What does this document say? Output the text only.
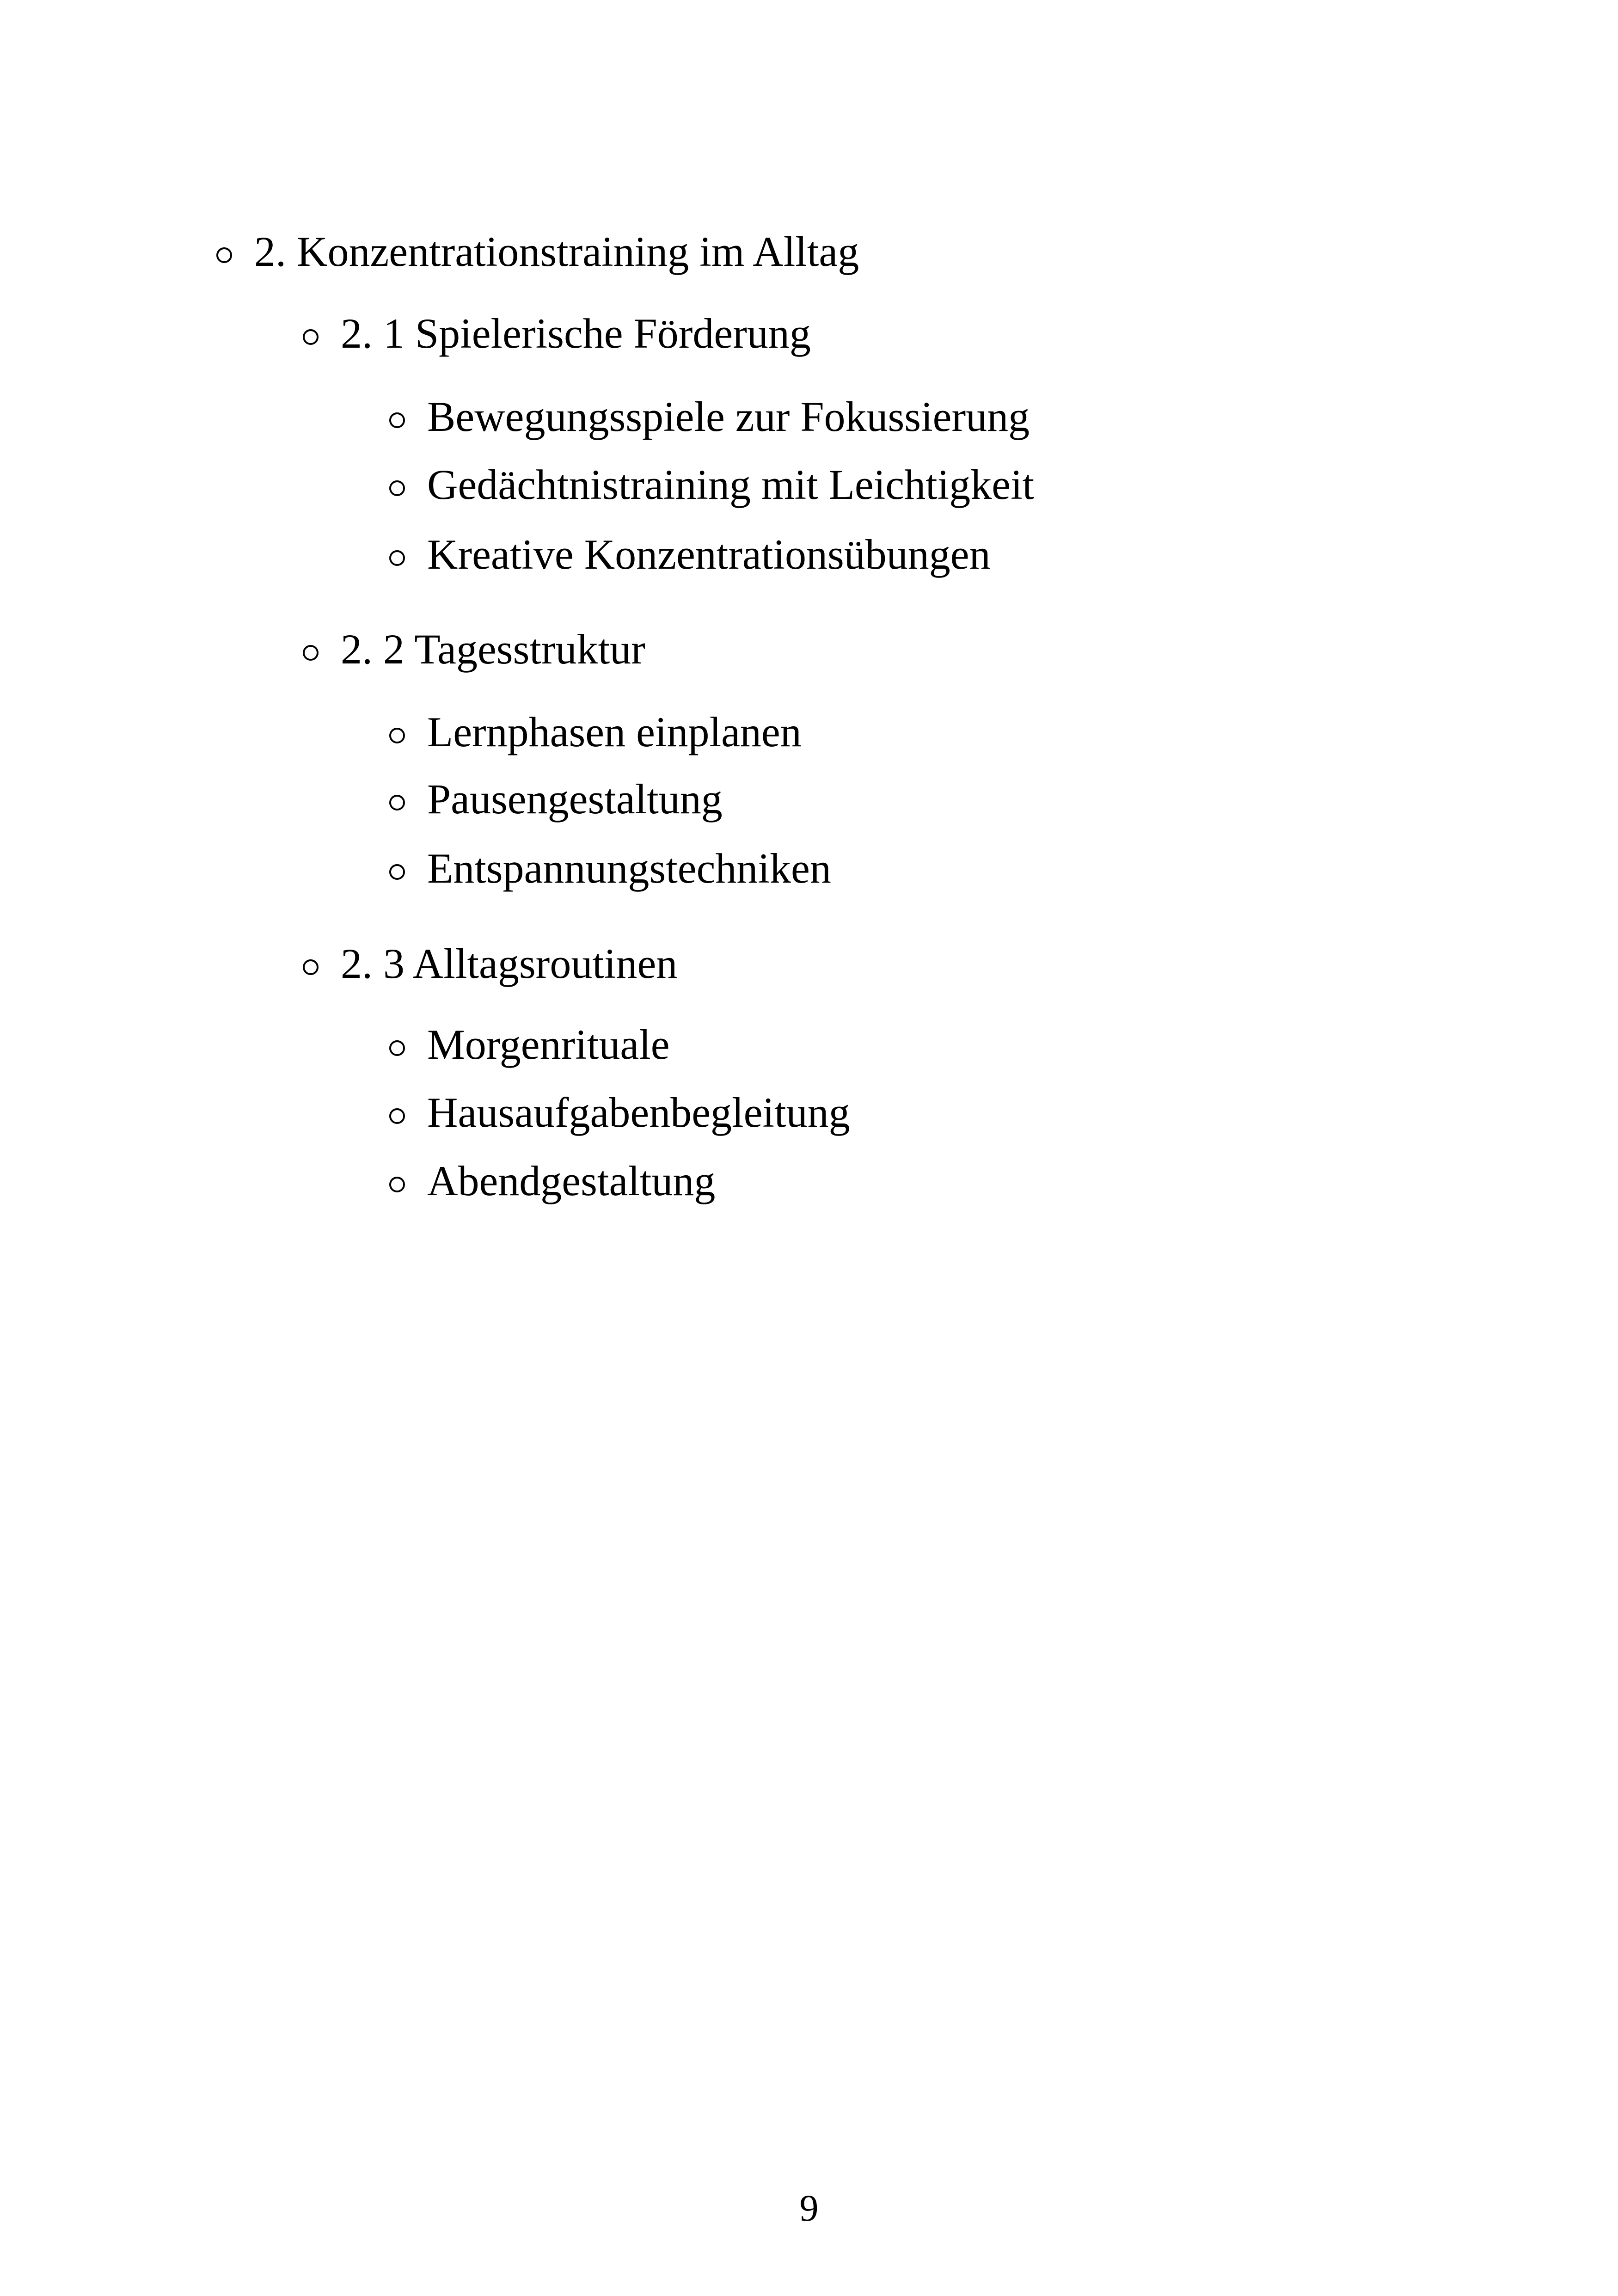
2. Konzentrationstraining im Alltag
2. 1 Spielerische Förderung
Bewegungsspiele zur Fokussierung
Gedächtnistraining mit Leichtigkeit
Kreative Konzentrationsübungen
2. 2 Tagesstruktur
Lernphasen einplanen
Pausengestaltung
Entspannungstechniken
2. 3 Alltagsroutinen
Morgenrituale
Hausaufgabenbegleitung
Abendgestaltung
9
